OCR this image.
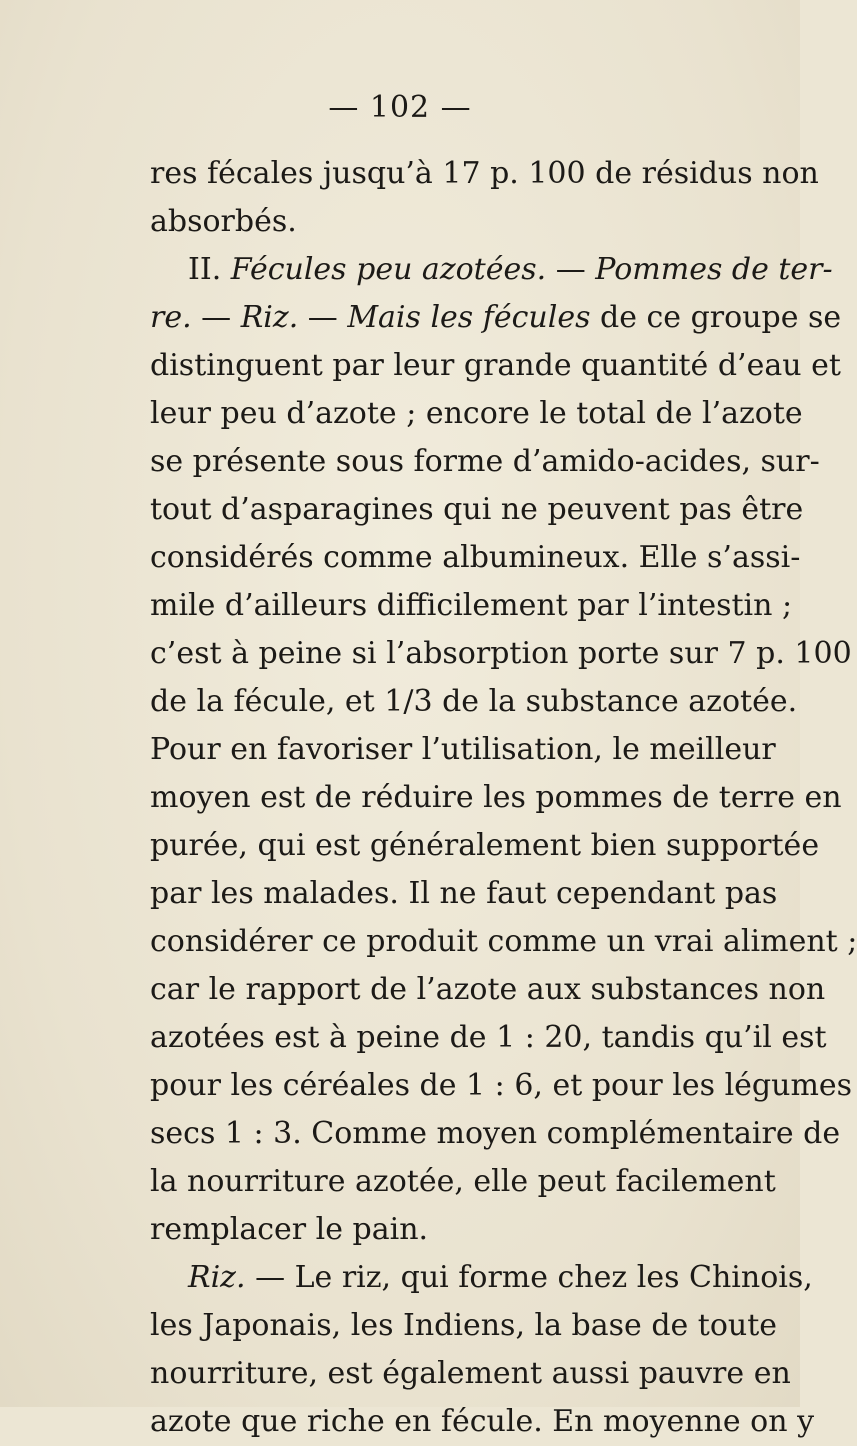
— 102 —
res fécales jusqu’à 17 p. 100 de résidus non
absorbés.
II. Fécules peu azotées. — Pommes de ter-
re. — Riz. — Mais les fécules de ce groupe se
distinguent par leur grande quantité d’eau et
leur peu d’azote ; encore le total de l’azote
se présente sous forme d’amido-acides, sur-
tout d’asparagines qui ne peuvent pas être
considérés comme albumineux. Elle s’assi-
mile d’ailleurs difficilement par l’intestin ;
c’est à peine si l’absorption porte sur 7 p. 100
de la fécule, et 1/3 de la substance azotée.
Pour en favoriser l’utilisation, le meilleur
moyen est de réduire les pommes de terre en
purée, qui est généralement bien supportée
par les malades. Il ne faut cependant pas
considérer ce produit comme un vrai aliment ;
car le rapport de l’azote aux substances non
azotées est à peine de 1 : 20, tandis qu’il est
pour les céréales de 1 : 6, et pour les légumes
secs 1 : 3. Comme moyen complémentaire de
la nourriture azotée, elle peut facilement
remplacer le pain.
Riz. — Le riz, qui forme chez les Chinois,
les Japonais, les Indiens, la base de toute
nourriture, est également aussi pauvre en
azote que riche en fécule. En moyenne on y
